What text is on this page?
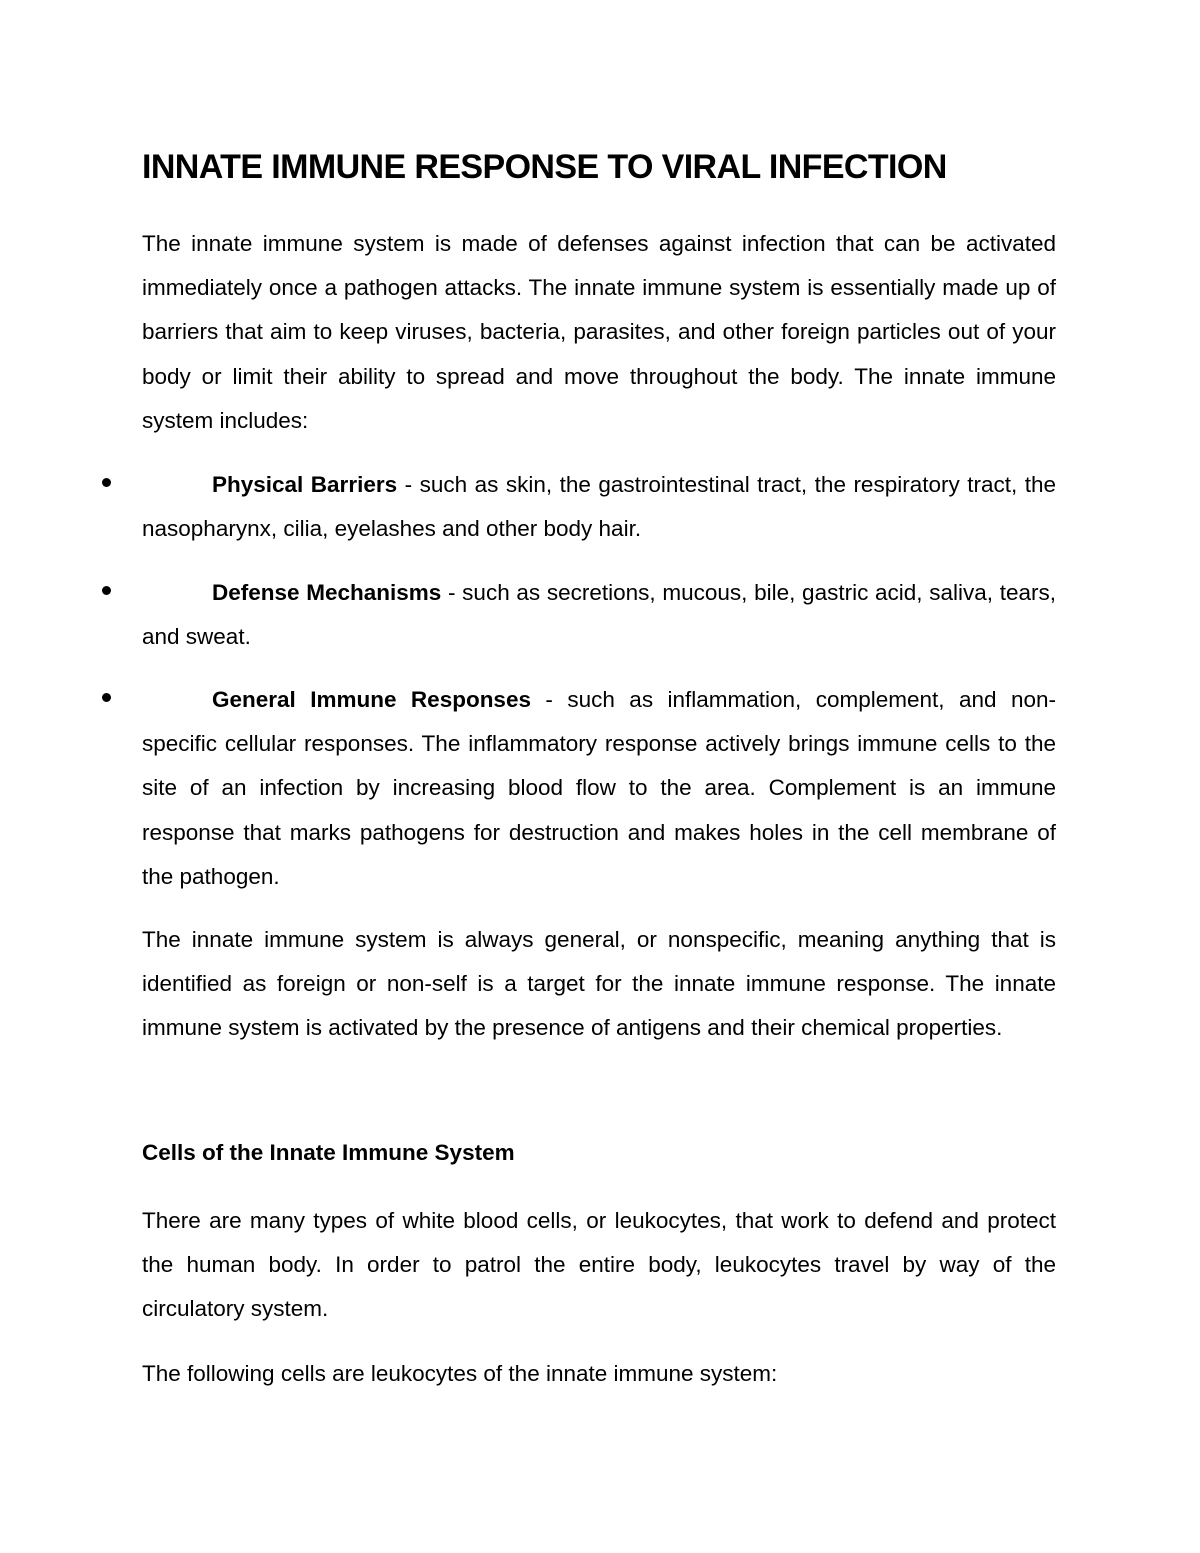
INNATE IMMUNE RESPONSE TO VIRAL INFECTION

The innate immune system is made of defenses against infection that can be activated immediately once a pathogen attacks. The innate immune system is essentially made up of barriers that aim to keep viruses, bacteria, parasites, and other foreign particles out of your body or limit their ability to spread and move throughout the body. The innate immune system includes:

Physical Barriers - such as skin, the gastrointestinal tract, the respiratory tract, the nasopharynx, cilia, eyelashes and other body hair.
Defense Mechanisms - such as secretions, mucous, bile, gastric acid, saliva, tears, and sweat.
General Immune Responses - such as inflammation, complement, and non-specific cellular responses. The inflammatory response actively brings immune cells to the site of an infection by increasing blood flow to the area. Complement is an immune response that marks pathogens for destruction and makes holes in the cell membrane of the pathogen.

The innate immune system is always general, or nonspecific, meaning anything that is identified as foreign or non-self is a target for the innate immune response. The innate immune system is activated by the presence of antigens and their chemical properties.

Cells of the Innate Immune System

There are many types of white blood cells, or leukocytes, that work to defend and protect the human body. In order to patrol the entire body, leukocytes travel by way of the circulatory system.

The following cells are leukocytes of the innate immune system:
